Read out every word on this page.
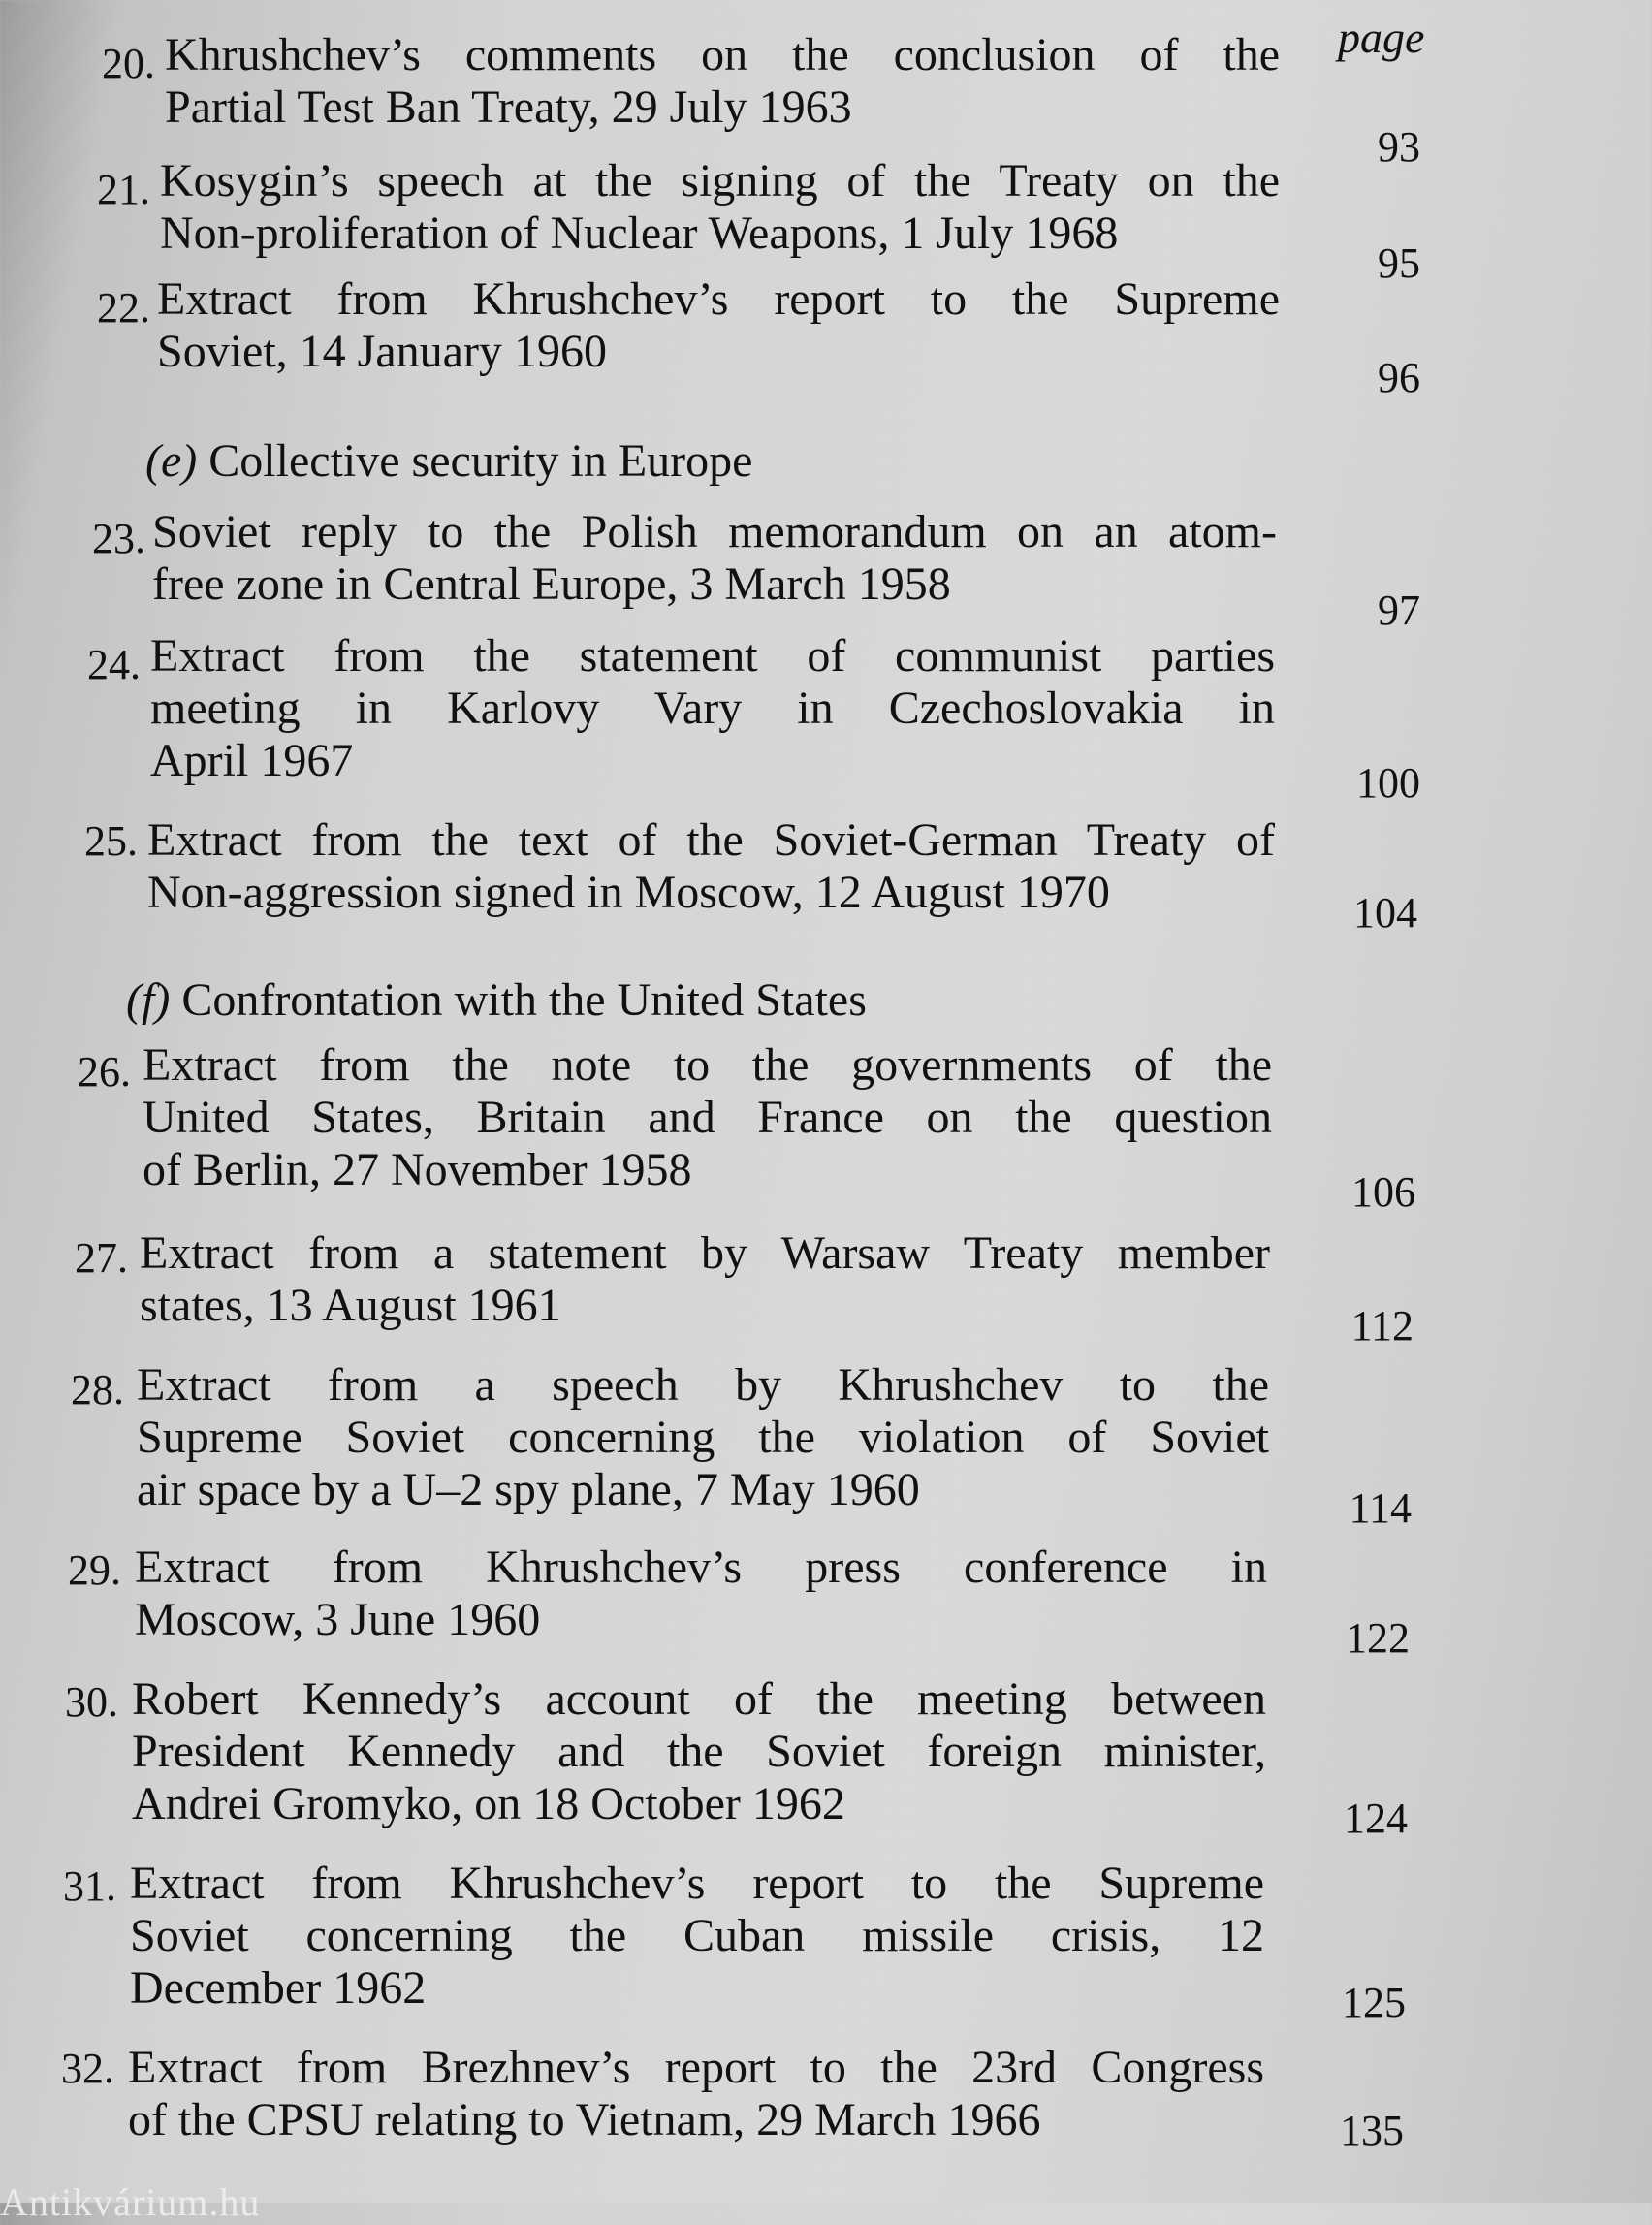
page
20. Khrushchev’s comments on the conclusion of the
Partial Test Ban Treaty, 29 July 1963
93
21. Kosygin’s speech at the signing of the Treaty on the
Non-proliferation of Nuclear Weapons, 1 July 1968
95
22. Extract from Khrushchev’s report to the Supreme
Soviet, 14 January 1960
96
(e) Collective security in Europe
23. Soviet reply to the Polish memorandum on an atom-
free zone in Central Europe, 3 March 1958
97
24. Extract from the statement of communist parties
meeting in Karlovy Vary in Czechoslovakia in
April 1967	100
25. Extract from the text of the Soviet-German Treaty of
Non-aggression signed in Moscow, 12 August 1970	104
(f) Confrontation with the United States
26. Extract from the note to the governments of the
United States, Britain and France on the question
of Berlin, 27 November 1958	106
27. Extract from a statement by Warsaw Treaty member
states, 13 August 1961	112
28. Extract from a speech by Khrushchev to the
Supreme Soviet concerning the violation of Soviet
air space by a U–2 spy plane, 7 May 1960	114
29. Extract from Khrushchev’s press conference in
Moscow, 3 June 1960	122
30. Robert Kennedy’s account of the meeting between
President Kennedy and the Soviet foreign minister,
Andrei Gromyko, on 18 October 1962	124
31. Extract from Khrushchev’s report to the Supreme
Soviet concerning the Cuban missile crisis, 12
December 1962	125
32. Extract from Brezhnev’s report to the 23rd Congress
of the CPSU relating to Vietnam, 29 March 1966	135
Antikvárium.hu
